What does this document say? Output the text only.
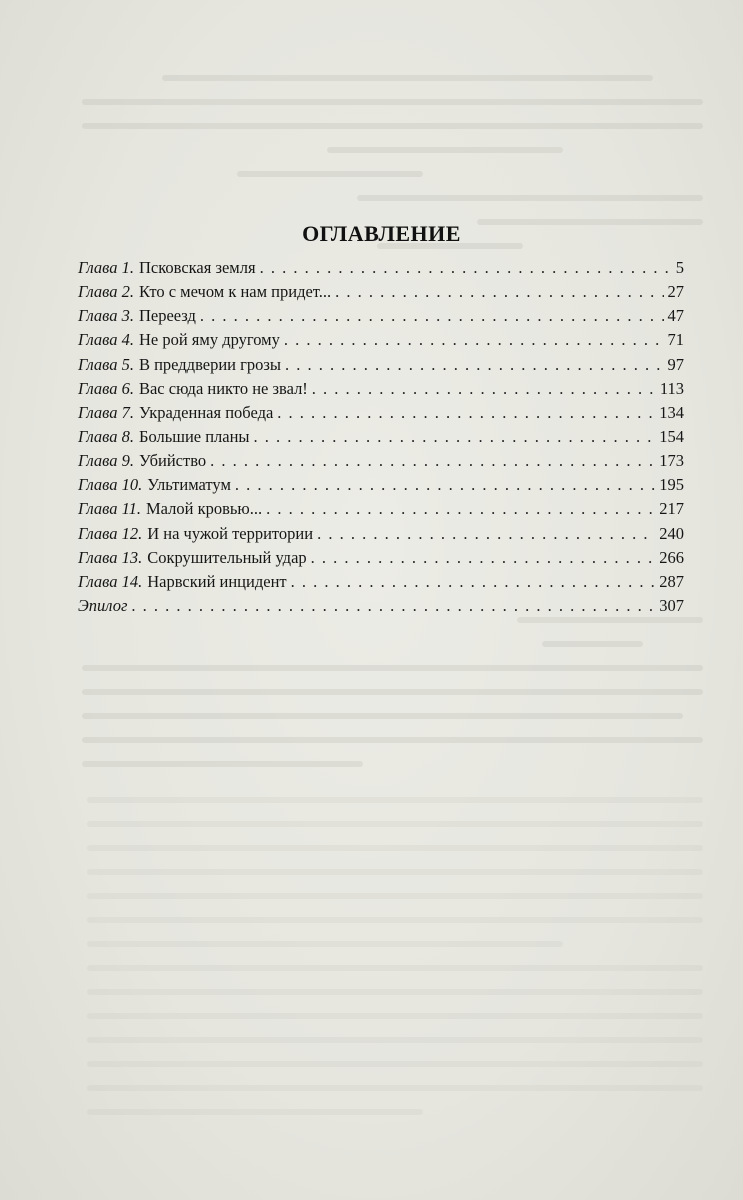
ОГЛАВЛЕНИЕ
Глава 1. Псковская земля . . .	5
Глава 2. Кто с мечом к нам придет... . . .	27
Глава 3. Переезд . . .	47
Глава 4. Не рой яму другому . . .	71
Глава 5. В преддверии грозы . . .	97
Глава 6. Вас сюда никто не звал! . . .	113
Глава 7. Украденная победа . . .	134
Глава 8. Большие планы . . .	154
Глава 9. Убийство . . .	173
Глава 10. Ультиматум . . .	195
Глава 11. Малой кровью... . . .	217
Глава 12. И на чужой территории . . .	240
Глава 13. Сокрушительный удар . . .	266
Глава 14. Нарвский инцидент . . .	287
Эпилог . . .	307
